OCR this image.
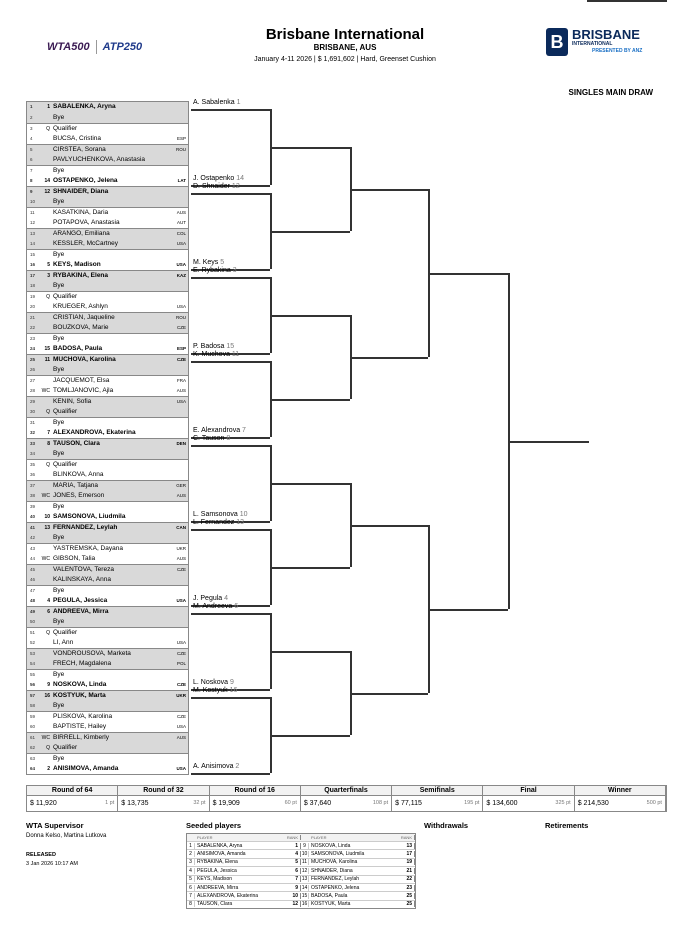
WTA500 ATP250
Brisbane International
BRISBANE, AUS
January 4-11 2026 | $ 1,691,602 | Hard, Greenset Cushion
B BRISBANE
INTERNATIONAL
PRESENTED BY ANZ
SINGLES MAIN DRAW
1	1 SABALENKA, Aryna
2	Bye
3	Q Qualifier
4	BUCSA, Cristina	ESP
5	CIRSTEA, Sorana	ROU
6	PAVLYUCHENKOVA, Anastasia
7	Bye
8	14 OSTAPENKO, Jelena	LAT
9	12 SHNAIDER, Diana
10	Bye
11	KASATKINA, Daria	AUS
12	POTAPOVA, Anastasia	AUT
13	ARANGO, Emiliana	COL
14	KESSLER, McCartney	USA
15	Bye
16	5 KEYS, Madison	USA
17	3 RYBAKINA, Elena	KAZ
18	Bye
19	Q Qualifier
20	KRUEGER, Ashlyn	USA
21	CRISTIAN, Jaqueline	ROU
22	BOUZKOVA, Marie	CZE
23	Bye
24	15 BADOSA, Paula	ESP
25	11 MUCHOVA, Karolina	CZE
26	Bye
27	JACQUEMOT, Elsa	FRA
28	WC TOMLJANOVIC, Ajla	AUS
29	KENIN, Sofia	USA
30	Q Qualifier
31	Bye
32	7 ALEXANDROVA, Ekaterina
33	8 TAUSON, Clara	DEN
34	Bye
35	Q Qualifier
36	BLINKOVA, Anna
37	MARIA, Tatjana	GER
38	WC JONES, Emerson	AUS
39	Bye
40	10 SAMSONOVA, Liudmila
41	13 FERNANDEZ, Leylah	CAN
42	Bye
43	YASTREMSKA, Dayana	UKR
44	WC GIBSON, Talia	AUS
45	VALENTOVA, Tereza	CZE
46	KALINSKAYA, Anna
47	Bye
48	4 PEGULA, Jessica	USA
49	6 ANDREEVA, Mirra
50	Bye
51	Q Qualifier
52	LI, Ann	USA
53	VONDROUSOVA, Marketa	CZE
54	FRECH, Magdalena	POL
55	Bye
56	9 NOSKOVA, Linda	CZE
57	16 KOSTYUK, Marta	UKR
58	Bye
59	PLISKOVA, Karolina	CZE
60	BAPTISTE, Hailey	USA
61	WC BIRRELL, Kimberly	AUS
62	Q Qualifier
63	Bye
64	2 ANISIMOVA, Amanda	USA
A. Sabalenka 1
J. Ostapenko 14
D. Shnaider 12
M. Keys 5
E. Rybakina 3
P. Badosa 15
K. Muchova 11
E. Alexandrova 7
C. Tauson 8
L. Samsonova 10
L. Fernandez 13
J. Pegula 4
M. Andreeva 6
L. Noskova 9
M. Kostyuk 16
A. Anisimova 2
Round of 64	Round of 32	Round of 16	Quarterfinals	Semifinals	Final	Winner
$ 11,920	1 pt $ 13,735	32 pt $ 19,909	60 pt $ 37,640	108 pt $ 77,115	195 pt $ 134,600	325 pt $ 214,530	500 pt
WTA Supervisor
Donna Kelso, Martina Lutkova
RELEASED
3 Jan 2026 10:17 AM
Seeded players	Withdrawals	Retirements
PLAYER	RANK	PLAYER	RANK
1	SABALENKA, Aryna	1	9	NOSKOVA, Linda	13
2	ANISIMOVA, Amanda	4 10 SAMSONOVA, Liudmila	17
3	RYBAKINA, Elena	5 11 MUCHOVA, Karolina	19
4	PEGULA, Jessica	6 12 SHNAIDER, Diana	21
5	KEYS, Madison	7 13 FERNANDEZ, Leylah	22
6	ANDREEVA, Mirra	9 14 OSTAPENKO, Jelena	23
7	ALEXANDROVA, Ekaterina	10 15 BADOSA, Paula	25
8	TAUSON, Clara	12 16 KOSTYUK, Marta	25
